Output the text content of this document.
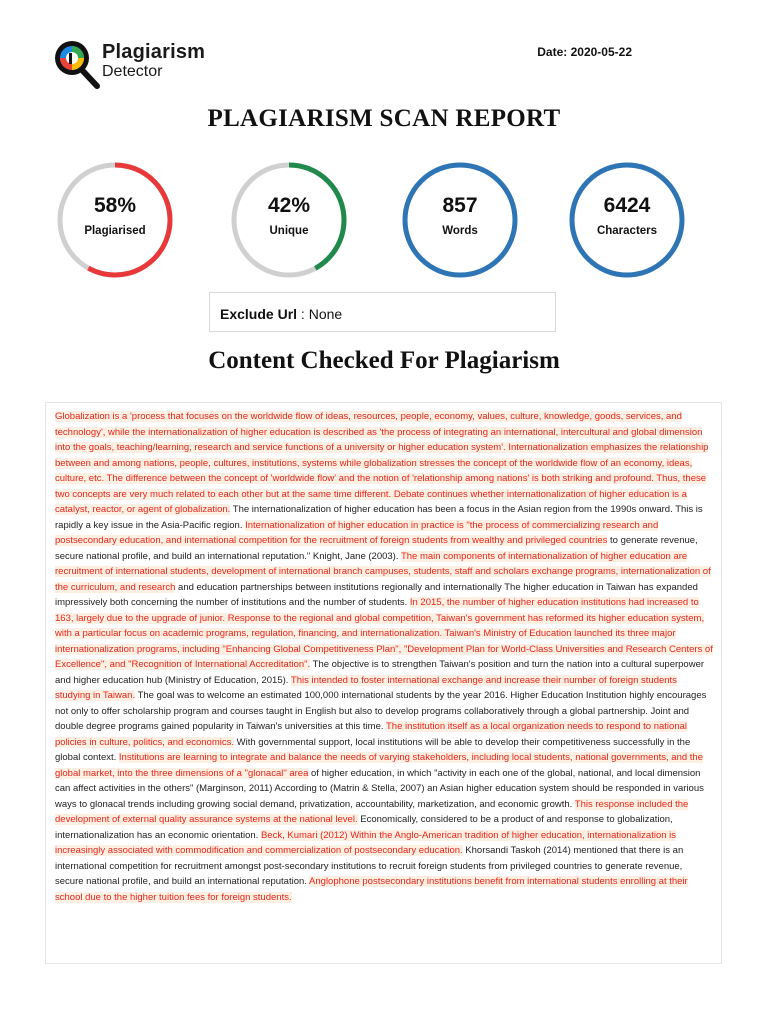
Plagiarism
Detector
Date: 2020-05-22
PLAGIARISM SCAN REPORT
58%
Plagiarised
42%
Unique
857
Words
6424
Characters
Exclude Url : None
Content Checked For Plagiarism

Globalization is a 'process that focuses on the worldwide flow of ideas, resources, people, economy, values, culture, knowledge, goods, services, and technology', while the internationalization of higher education is described as 'the process of integrating an international, intercultural and global dimension into the goals, teaching/learning, research and service functions of a university or higher education system'. Internationalization emphasizes the relationship between and among nations, people, cultures, institutions, systems while globalization stresses the concept of the worldwide flow of an economy, ideas, culture, etc. The difference between the concept of 'worldwide flow' and the notion of 'relationship among nations' is both striking and profound. Thus, these two concepts are very much related to each other but at the same time different. Debate continues whether internationalization of higher education is a catalyst, reactor, or agent of globalization. The internationalization of higher education has been a focus in the Asian region from the 1990s onward. This is rapidly a key issue in the Asia-Pacific region. Internationalization of higher education in practice is "the process of commercializing research and postsecondary education, and international competition for the recruitment of foreign students from wealthy and privileged countries to generate revenue, secure national profile, and build an international reputation." Knight, Jane (2003). The main components of internationalization of higher education are recruitment of international students, development of international branch campuses, students, staff and scholars exchange programs, internationalization of the curriculum, and research and education partnerships between institutions regionally and internationally The higher education in Taiwan has expanded impressively both concerning the number of institutions and the number of students. In 2015, the number of higher education institutions had increased to 163, largely due to the upgrade of junior. Response to the regional and global competition, Taiwan's government has reformed its higher education system, with a particular focus on academic programs, regulation, financing, and internationalization. Taiwan's Ministry of Education launched its three major internationalization programs, including "Enhancing Global Competitiveness Plan", "Development Plan for World-Class Universities and Research Centers of Excellence", and "Recognition of International Accreditation". The objective is to strengthen Taiwan's position and turn the nation into a cultural superpower and higher education hub (Ministry of Education, 2015). This intended to foster international exchange and increase their number of foreign students studying in Taiwan. The goal was to welcome an estimated 100,000 international students by the year 2016. Higher Education Institution highly encourages not only to offer scholarship program and courses taught in English but also to develop programs collaboratively through a global partnership. Joint and double degree programs gained popularity in Taiwan's universities at this time. The institution itself as a local organization needs to respond to national policies in culture, politics, and economics. With governmental support, local institutions will be able to develop their competitiveness successfully in the global context. Institutions are learning to integrate and balance the needs of varying stakeholders, including local students, national governments, and the global market, into the three dimensions of a "glonacal" area of higher education, in which "activity in each one of the global, national, and local dimension can affect activities in the others" (Marginson, 2011) According to (Matrin & Stella, 2007) an Asian higher education system should be responded in various ways to glonacal trends including growing social demand, privatization, accountability, marketization, and economic growth. This response included the development of external quality assurance systems at the national level. Economically, considered to be a product of and response to globalization, internationalization has an economic orientation. Beck, Kumari (2012) Within the Anglo-American tradition of higher education, internationalization is increasingly associated with commodification and commercialization of postsecondary education. Khorsandi Taskoh (2014) mentioned that there is an international competition for recruitment amongst post-secondary institutions to recruit foreign students from privileged countries to generate revenue, secure national profile, and build an international reputation. Anglophone postsecondary institutions benefit from international students enrolling at their school due to the higher tuition fees for foreign students.
